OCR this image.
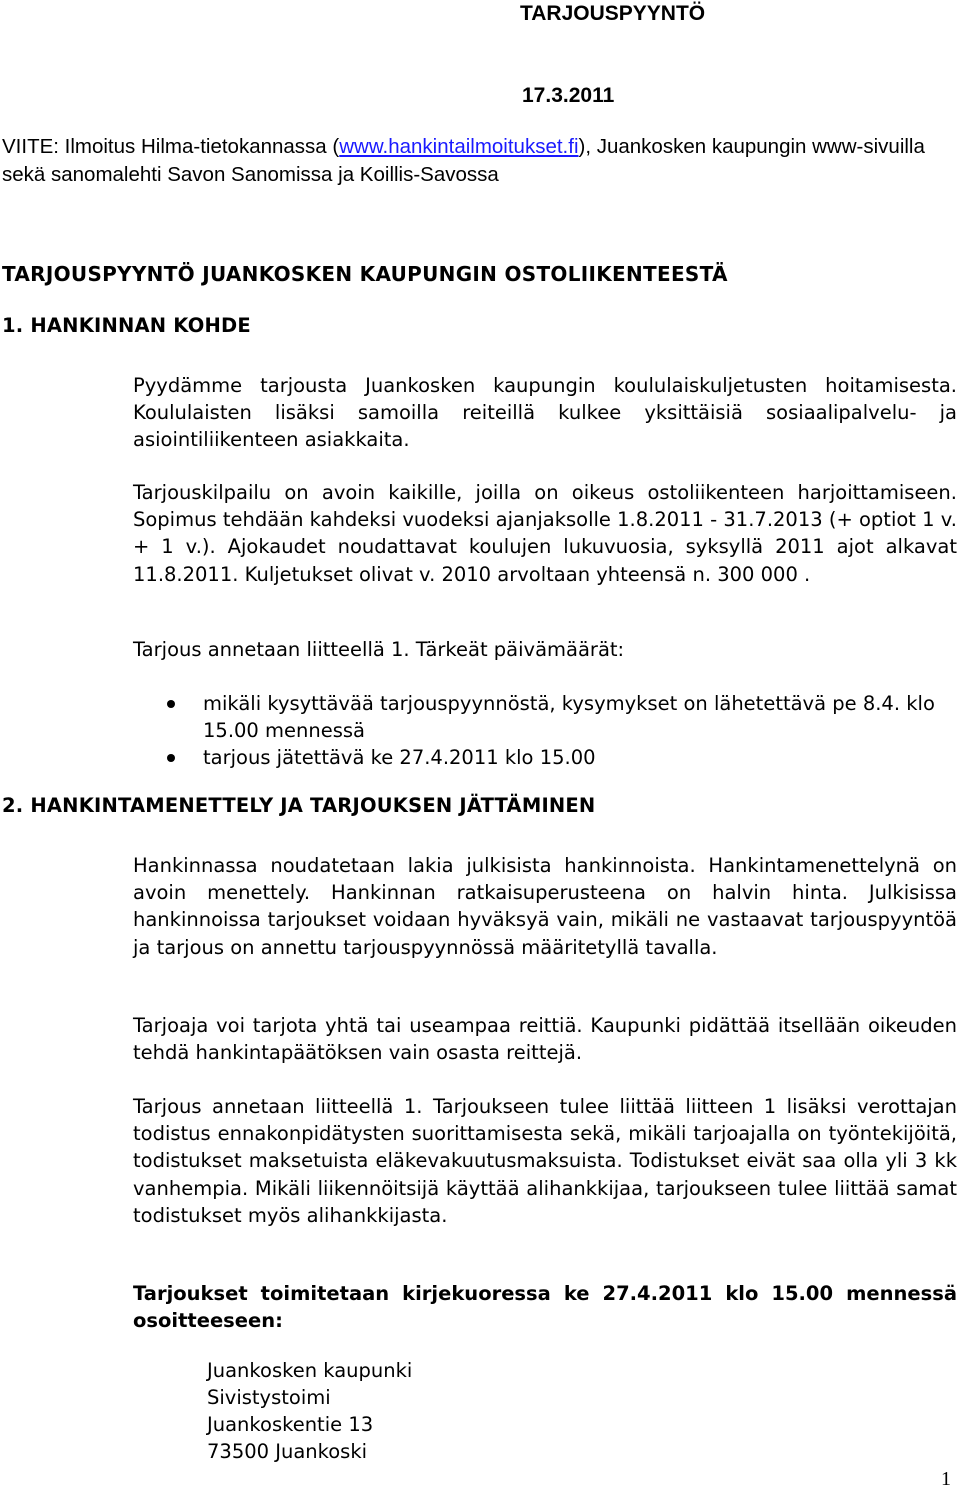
TARJOUSPYYNTÖ
17.3.2011
VIITE: Ilmoitus Hilma-tietokannassa (www.hankintailmoitukset.fi), Juankosken kaupungin www-sivuilla sekä sanomalehti Savon Sanomissa ja Koillis-Savossa
TARJOUSPYYNTÖ JUANKOSKEN KAUPUNGIN OSTOLIIKENTEESTÄ
1. HANKINNAN KOHDE

Pyydämme tarjousta Juankosken kaupungin koululaiskuljetusten hoitamisesta. Koululaisten lisäksi samoilla reiteillä kulkee yksittäisiä sosiaalipalvelu- ja asiointiliikenteen asiakkaita.

Tarjouskilpailu on avoin kaikille, joilla on oikeus ostoliikenteen harjoittamiseen. Sopimus tehdään kahdeksi vuodeksi ajanjaksolle 1.8.2011 - 31.7.2013 (+ optiot 1 v. + 1 v.). Ajokaudet noudattavat koulujen lukuvuosia, syksyllä 2011 ajot alkavat 11.8.2011. Kuljetukset olivat v. 2010 arvoltaan yhteensä n. 300 000 .

Tarjous annetaan liitteellä 1. Tärkeät päivämäärät:

mikäli kysyttävää tarjouspyynnöstä, kysymykset on lähetettävä pe 8.4. klo 15.00 mennessä
tarjous jätettävä ke 27.4.2011 klo 15.00
2. HANKINTAMENETTELY JA TARJOUKSEN JÄTTÄMINEN

Hankinnassa noudatetaan lakia julkisista hankinnoista. Hankintamenettelynä on avoin menettely. Hankinnan ratkaisuperusteena on halvin hinta. Julkisissa hankinnoissa tarjoukset voidaan hyväksyä vain, mikäli ne vastaavat tarjouspyyntöä ja tarjous on annettu tarjouspyynnössä määritetyllä tavalla.

Tarjoaja voi tarjota yhtä tai useampaa reittiä. Kaupunki pidättää itsellään oikeuden tehdä hankintapäätöksen vain osasta reittejä.

Tarjous annetaan liitteellä 1. Tarjoukseen tulee liittää liitteen 1 lisäksi verottajan todistus ennakonpidätysten suorittamisesta sekä, mikäli tarjoajalla on työntekijöitä, todistukset maksetuista eläkevakuutusmaksuista. Todistukset eivät saa olla yli 3 kk vanhempia. Mikäli liikennöitsijä käyttää alihankkijaa, tarjoukseen tulee liittää samat todistukset myös alihankkijasta.

Tarjoukset toimitetaan kirjekuoressa ke 27.4.2011 klo 15.00 mennessä osoitteeseen:

Juankosken kaupunki
Sivistystoimi
Juankoskentie 13
73500 Juankoski
1
